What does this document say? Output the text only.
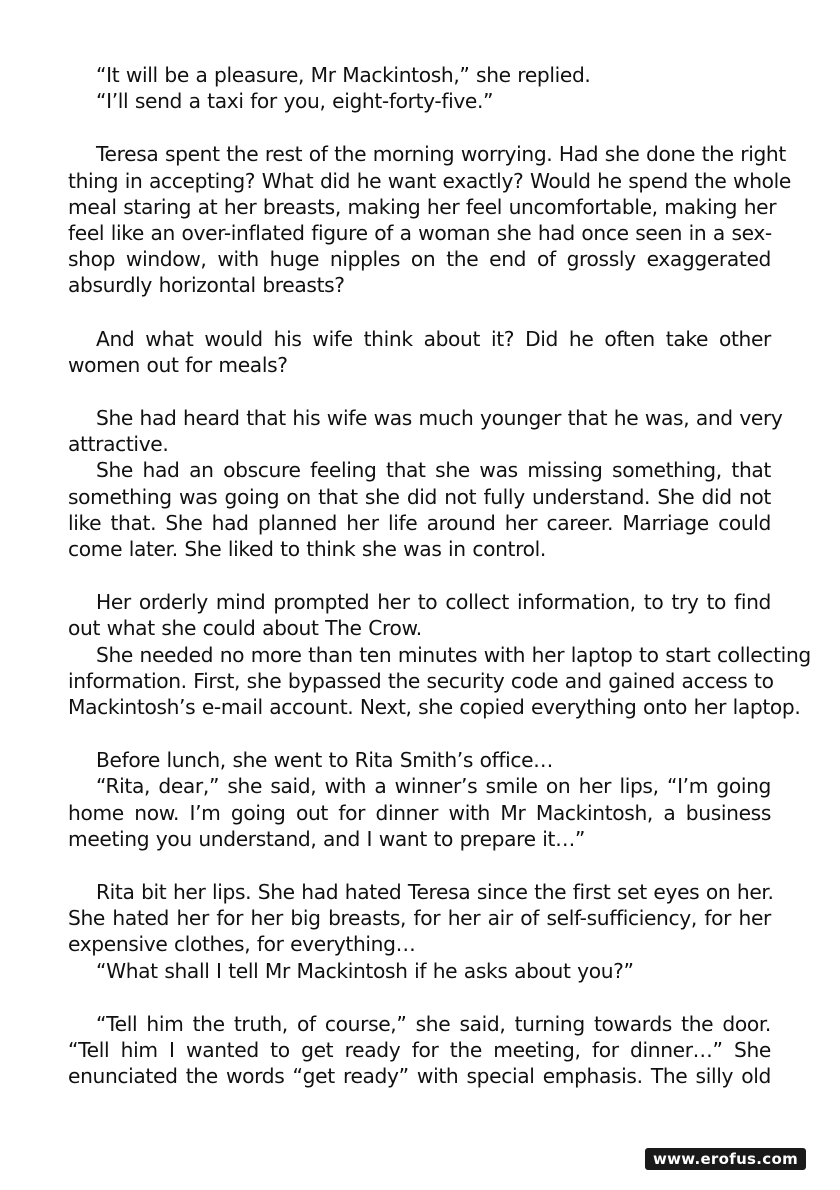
“It will be a pleasure, Mr Mackintosh,” she replied.

“I’ll send a taxi for you, eight-forty-five.”

Teresa spent the rest of the morning worrying. Had she done the right
thing in accepting? What did he want exactly? Would he spend the whole
meal staring at her breasts, making her feel uncomfortable, making her
feel like an over-inflated figure of a woman she had once seen in a sex-
shop window, with huge nipples on the end of grossly exaggerated
absurdly horizontal breasts?

And what would his wife think about it? Did he often take other
women out for meals?

She had heard that his wife was much younger that he was, and very
attractive.

She had an obscure feeling that she was missing something, that
something was going on that she did not fully understand. She did not
like that. She had planned her life around her career. Marriage could
come later. She liked to think she was in control.

Her orderly mind prompted her to collect information, to try to find
out what she could about The Crow.

She needed no more than ten minutes with her laptop to start collecting
information. First, she bypassed the security code and gained access to
Mackintosh’s e-mail account. Next, she copied everything onto her laptop.

Before lunch, she went to Rita Smith’s office…

“Rita, dear,” she said, with a winner’s smile on her lips, “I’m going
home now. I’m going out for dinner with Mr Mackintosh, a business
meeting you understand, and I want to prepare it…”

Rita bit her lips. She had hated Teresa since the first set eyes on her.
She hated her for her big breasts, for her air of self-sufficiency, for her
expensive clothes, for everything…

“What shall I tell Mr Mackintosh if he asks about you?”

“Tell him the truth, of course,” she said, turning towards the door.
“Tell him I wanted to get ready for the meeting, for dinner…” She
enunciated the words “get ready” with special emphasis. The silly old

www.erofus.com
